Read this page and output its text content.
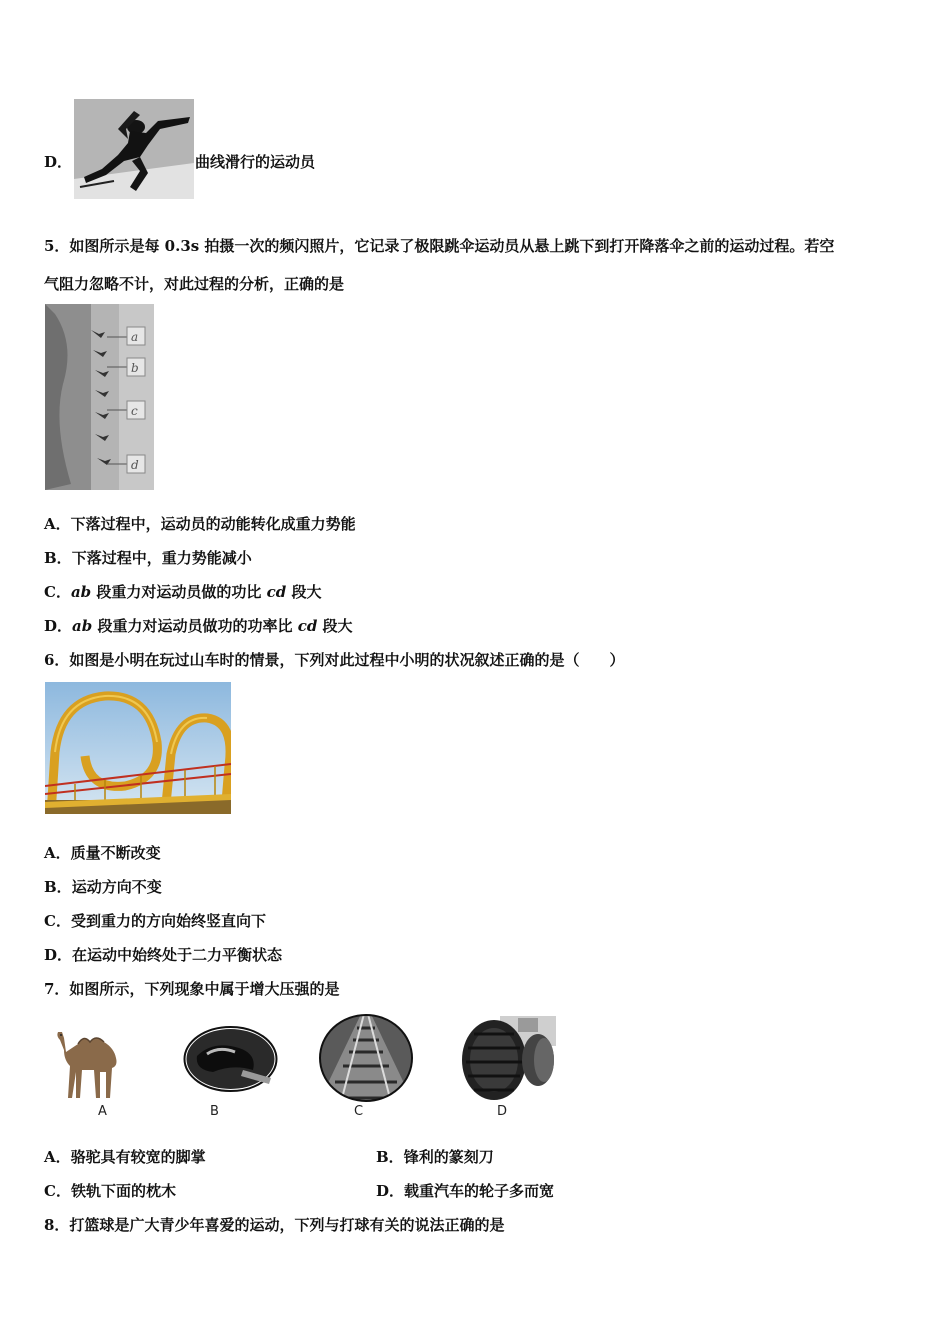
D．	曲线滑行的运动员
5．如图所示是每 0.3s 拍摄一次的频闪照片，它记录了极限跳伞运动员从悬上跳下到打开降落伞之前的运动过程。若空
气阻力忽略不计，对此过程的分析，正确的是
a
b
c
d
A．下落过程中，运动员的动能转化成重力势能
B．下落过程中，重力势能减小
C．ab 段重力对运动员做的功比 cd 段大
D．ab 段重力对运动员做功的功率比 cd 段大
6．如图是小明在玩过山车时的情景，下列对此过程中小明的状况叙述正确的是（　　）
A．质量不断改变
B．运动方向不变
C．受到重力的方向始终竖直向下
D．在运动中始终处于二力平衡状态
7．如图所示，下列现象中属于增大压强的是
A	B	C	D
A．骆驼具有较宽的脚掌	B．锋利的篆刻刀
C．铁轨下面的枕木	D．载重汽车的轮子多而宽
8．打篮球是广大青少年喜爱的运动，下列与打球有关的说法正确的是
